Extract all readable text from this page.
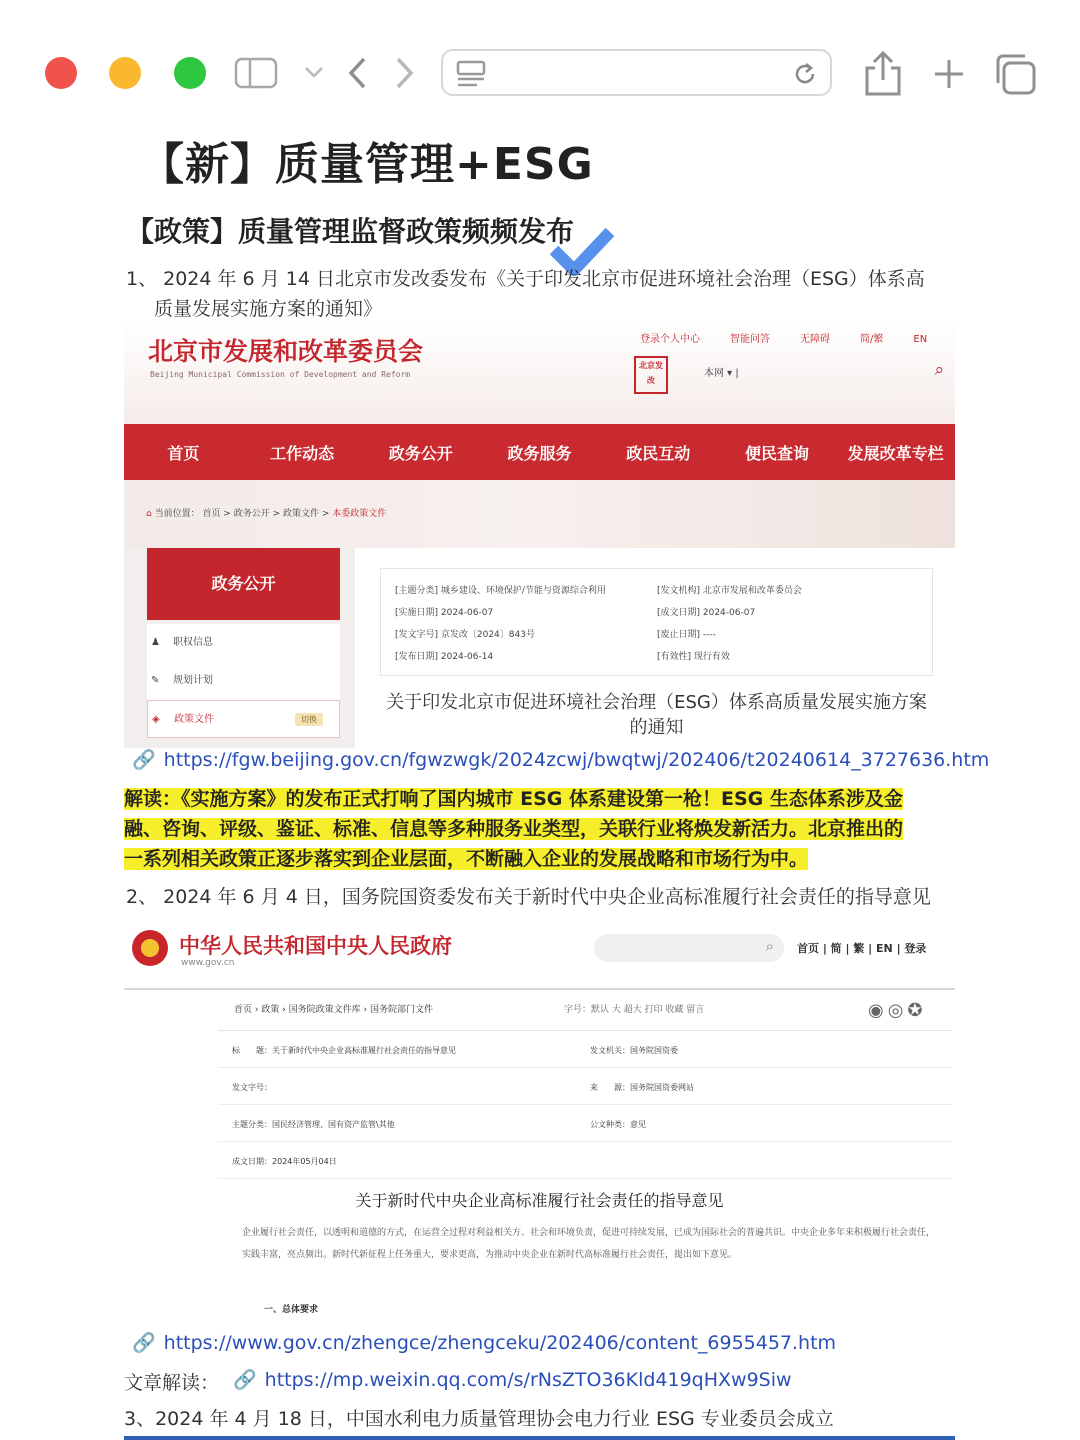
【新】质量管理+ESG
【政策】质量管理监督政策频频发布
1、 2024 年 6 月 14 日北京市发改委发布《关于印发北京市促进环境社会治理（ESG）体系高
质量发展实施方案的通知》
北京市发展和改革委员会
Beijing Municipal Commission of Development and Reform
登录个人中心	智能问答	无障碍	简/繁	EN
北京发改
本网 ▾ |	⌕
首页	工作动态	政务公开	政务服务	政民互动	便民查询	发展改革专栏
⌂ 当前位置： 首页 > 政务公开 > 政策文件 > 本委政策文件
政务公开
♟ 职权信息
✎ 规划计划
◈ 政策文件	切换
[主题分类] 城乡建设、环境保护/节能与资源综合利用	[发文机构] 北京市发展和改革委员会
[实施日期] 2024-06-07	[成文日期] 2024-06-07
[发文字号] 京发改〔2024〕843号	[废止日期] ----
[发布日期] 2024-06-14	[有效性] 现行有效
关于印发北京市促进环境社会治理（ESG）体系高质量发展实施方案的通知
🔗 https://fgw.beijing.gov.cn/fgwzwgk/2024zcwj/bwqtwj/202406/t20240614_3727636.htm
解读：《实施方案》的发布正式打响了国内城市 ESG 体系建设第一枪！ESG 生态体系涉及金
融、咨询、评级、鉴证、标准、信息等多种服务业类型，关联行业将焕发新活力。北京推出的
一系列相关政策正逐步落实到企业层面，不断融入企业的发展战略和市场行为中。
2、 2024 年 6 月 4 日，国务院国资委发布关于新时代中央企业高标准履行社会责任的指导意见
中华人民共和国中央人民政府
www.gov.cn
⌕ 首页 | 简 | 繁 | EN | 登录
首页 › 政策 › 国务院政策文件库 › 国务院部门文件	字号：默认 大 超大 打印 收藏 留言	◉◎✪
标　　题：关于新时代中央企业高标准履行社会责任的指导意见	发文机关：国务院国资委
发文字号：	来　　源：国务院国资委网站
主题分类：国民经济管理、国有资产监管\其他	公文种类：意见
成文日期：2024年05月04日
关于新时代中央企业高标准履行社会责任的指导意见
企业履行社会责任，以透明和道德的方式，在运营全过程对利益相关方、社会和环境负责，促进可持续发展，已成为国际社会的普遍共识。中央企业多年来积极履行社会责任，实践丰富，亮点频出。新时代新征程上任务重大，要求更高，为推动中央企业在新时代高标准履行社会责任，提出如下意见。
一、总体要求
🔗 https://www.gov.cn/zhengce/zhengceku/202406/content_6955457.htm
文章解读： 🔗 https://mp.weixin.qq.com/s/rNsZTO36Kld419qHXw9Siw
3、2024 年 4 月 18 日，中国水利电力质量管理协会电力行业 ESG 专业委员会成立
